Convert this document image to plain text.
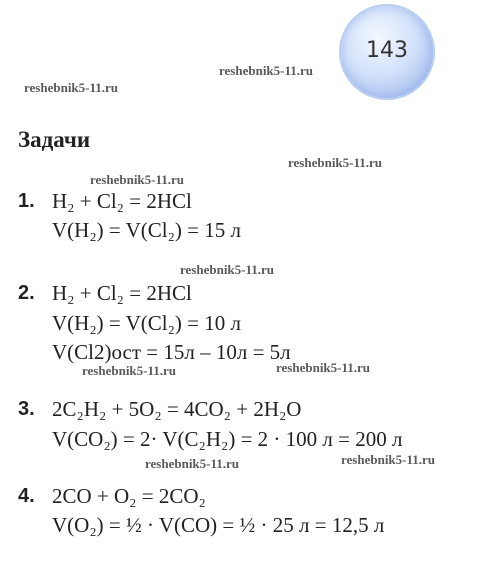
143
reshebnik5-11.ru
reshebnik5-11.ru
Задачи
reshebnik5-11.ru
reshebnik5-11.ru
1. H₂ + Cl₂ = 2HCl
V(H₂) = V(Cl₂) = 15 л
reshebnik5-11.ru
2. H₂ + Cl₂ = 2HCl
V(H₂) = V(Cl₂) = 10 л
V(Cl2)ост = 15л – 10л = 5л
reshebnik5-11.ru	reshebnik5-11.ru
3. 2C₂H₂ + 5O₂ = 4CO₂ + 2H₂O
V(CO₂) = 2· V(C₂H₂) = 2 · 100 л = 200 л
reshebnik5-11.ru	reshebnik5-11.ru
4. 2CO + O₂ = 2CO₂
V(O₂) = ½ · V(CO) = ½ · 25 л = 12,5 л
